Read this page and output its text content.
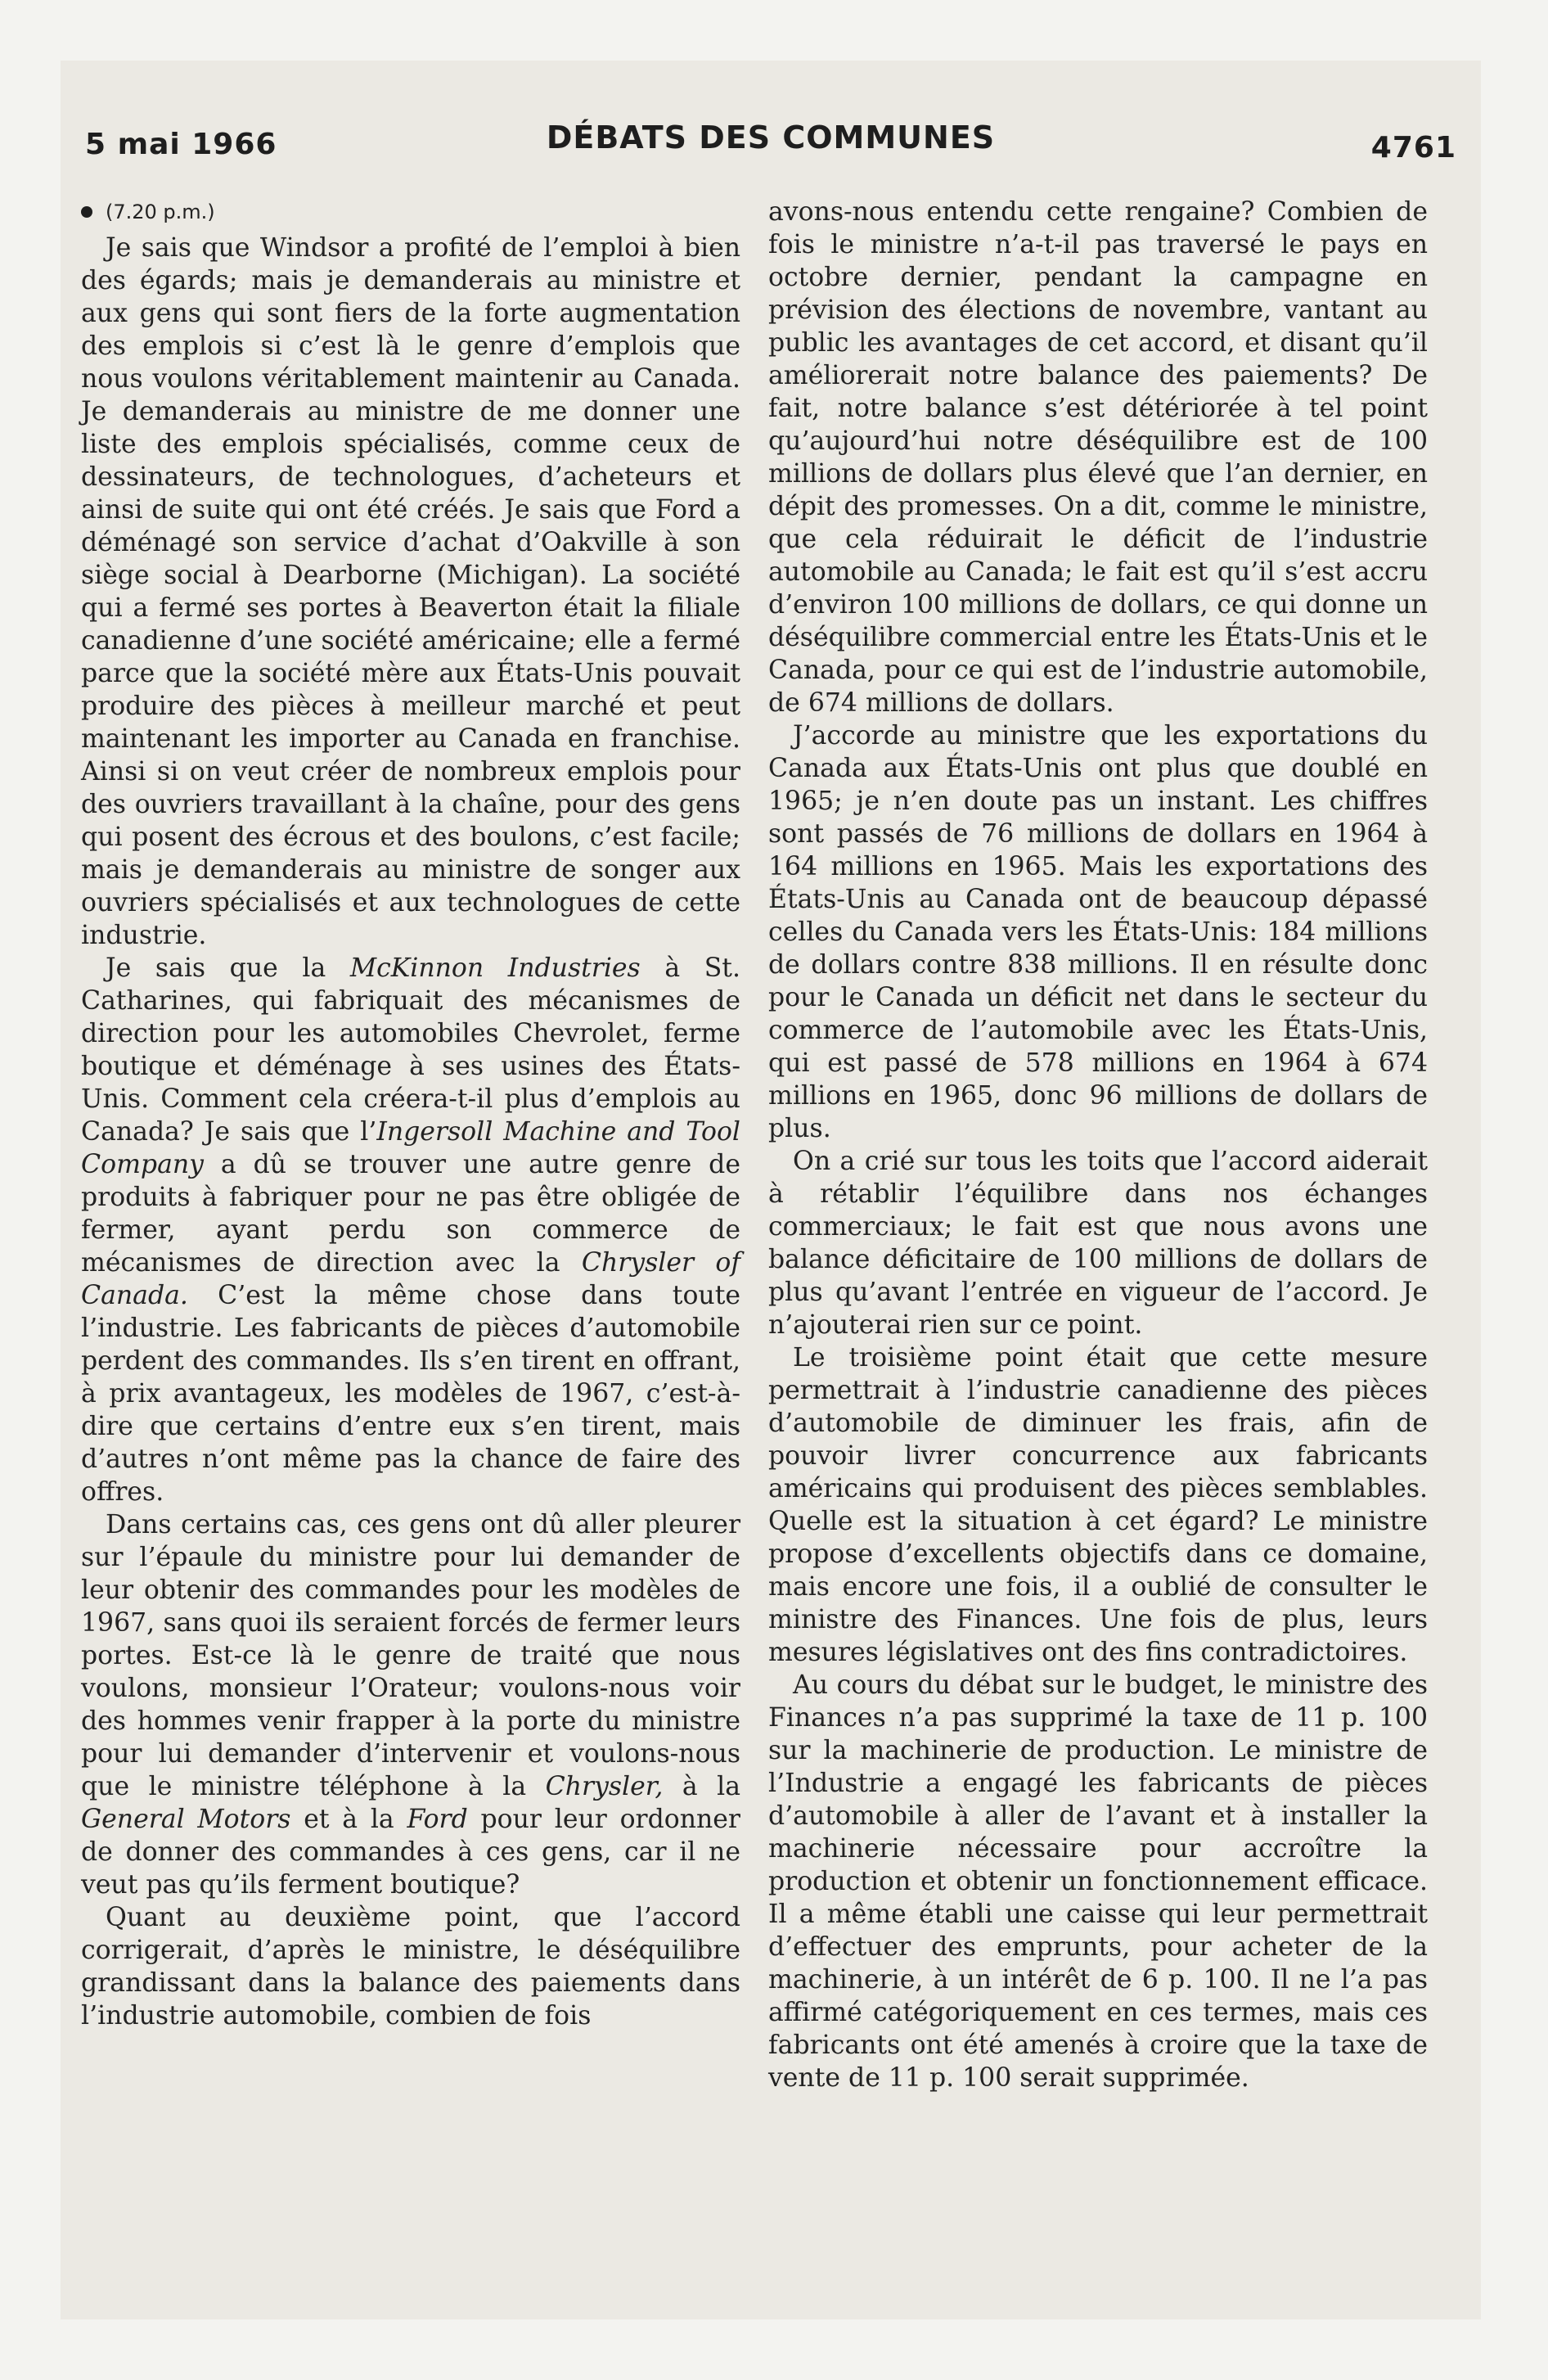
5 mai 1966	DÉBATS DES COMMUNES	4761
(7.20 p.m.)

Je sais que Windsor a profité de l’emploi à bien des égards; mais je demanderais au ministre et aux gens qui sont fiers de la forte augmentation des emplois si c’est là le genre d’emplois que nous voulons véritablement maintenir au Canada. Je demanderais au ministre de me donner une liste des emplois spécialisés, comme ceux de dessinateurs, de technologues, d’acheteurs et ainsi de suite qui ont été créés. Je sais que Ford a déménagé son service d’achat d’Oakville à son siège social à Dearborne (Michigan). La société qui a fermé ses portes à Beaverton était la filiale canadienne d’une société américaine; elle a fermé parce que la société mère aux États-Unis pouvait produire des pièces à meilleur marché et peut maintenant les importer au Canada en franchise. Ainsi si on veut créer de nombreux emplois pour des ouvriers travaillant à la chaîne, pour des gens qui posent des écrous et des boulons, c’est facile; mais je demanderais au ministre de songer aux ouvriers spécialisés et aux technologues de cette industrie.

Je sais que la McKinnon Industries à St. Catharines, qui fabriquait des mécanismes de direction pour les automobiles Chevrolet, ferme boutique et déménage à ses usines des États-Unis. Comment cela créera-t-il plus d’emplois au Canada? Je sais que l’Ingersoll Machine and Tool Company a dû se trouver une autre genre de produits à fabriquer pour ne pas être obligée de fermer, ayant perdu son commerce de mécanismes de direction avec la Chrysler of Canada. C’est la même chose dans toute l’industrie. Les fabricants de pièces d’automobile perdent des commandes. Ils s’en tirent en offrant, à prix avantageux, les modèles de 1967, c’est-à-dire que certains d’entre eux s’en tirent, mais d’autres n’ont même pas la chance de faire des offres.

Dans certains cas, ces gens ont dû aller pleurer sur l’épaule du ministre pour lui demander de leur obtenir des commandes pour les modèles de 1967, sans quoi ils seraient forcés de fermer leurs portes. Est-ce là le genre de traité que nous voulons, monsieur l’Orateur; voulons-nous voir des hommes venir frapper à la porte du ministre pour lui demander d’intervenir et voulons-nous que le ministre téléphone à la Chrysler, à la General Motors et à la Ford pour leur ordonner de donner des commandes à ces gens, car il ne veut pas qu’ils ferment boutique?

Quant au deuxième point, que l’accord corrigerait, d’après le ministre, le déséquilibre grandissant dans la balance des paiements dans l’industrie automobile, combien de fois

avons-nous entendu cette rengaine? Combien de fois le ministre n’a-t-il pas traversé le pays en octobre dernier, pendant la campagne en prévision des élections de novembre, vantant au public les avantages de cet accord, et disant qu’il améliorerait notre balance des paiements? De fait, notre balance s’est détériorée à tel point qu’aujourd’hui notre déséquilibre est de 100 millions de dollars plus élevé que l’an dernier, en dépit des promesses. On a dit, comme le ministre, que cela réduirait le déficit de l’industrie automobile au Canada; le fait est qu’il s’est accru d’environ 100 millions de dollars, ce qui donne un déséquilibre commercial entre les États-Unis et le Canada, pour ce qui est de l’industrie automobile, de 674 millions de dollars.

J’accorde au ministre que les exportations du Canada aux États-Unis ont plus que doublé en 1965; je n’en doute pas un instant. Les chiffres sont passés de 76 millions de dollars en 1964 à 164 millions en 1965. Mais les exportations des États-Unis au Canada ont de beaucoup dépassé celles du Canada vers les États-Unis: 184 millions de dollars contre 838 millions. Il en résulte donc pour le Canada un déficit net dans le secteur du commerce de l’automobile avec les États-Unis, qui est passé de 578 millions en 1964 à 674 millions en 1965, donc 96 millions de dollars de plus.

On a crié sur tous les toits que l’accord aiderait à rétablir l’équilibre dans nos échanges commerciaux; le fait est que nous avons une balance déficitaire de 100 millions de dollars de plus qu’avant l’entrée en vigueur de l’accord. Je n’ajouterai rien sur ce point.

Le troisième point était que cette mesure permettrait à l’industrie canadienne des pièces d’automobile de diminuer les frais, afin de pouvoir livrer concurrence aux fabricants américains qui produisent des pièces semblables. Quelle est la situation à cet égard? Le ministre propose d’excellents objectifs dans ce domaine, mais encore une fois, il a oublié de consulter le ministre des Finances. Une fois de plus, leurs mesures législatives ont des fins contradictoires.

Au cours du débat sur le budget, le ministre des Finances n’a pas supprimé la taxe de 11 p. 100 sur la machinerie de production. Le ministre de l’Industrie a engagé les fabricants de pièces d’automobile à aller de l’avant et à installer la machinerie nécessaire pour accroître la production et obtenir un fonctionnement efficace. Il a même établi une caisse qui leur permettrait d’effectuer des emprunts, pour acheter de la machinerie, à un intérêt de 6 p. 100. Il ne l’a pas affirmé catégoriquement en ces termes, mais ces fabricants ont été amenés à croire que la taxe de vente de 11 p. 100 serait supprimée.
